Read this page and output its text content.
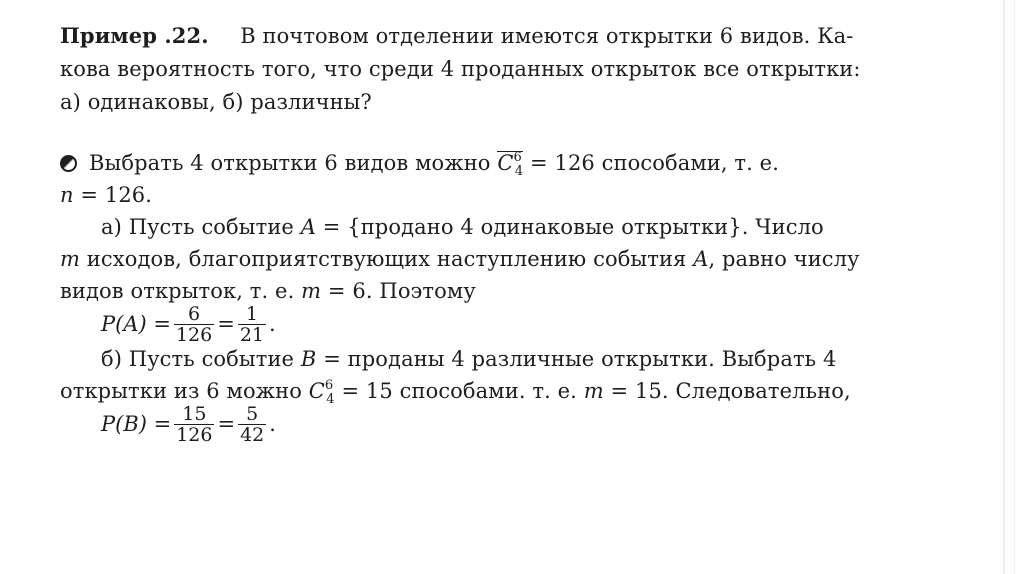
Пример .22. В почтовом отделении имеются открытки 6 видов. Ка-
кова вероятность того, что среди 4 проданных открыток все открытки:
а) одинаковы, б) различны?
Выбрать 4 открытки 6 видов можно $C^6_4 = 126$ способами, т. е.
n = 126.
а) Пусть событие A = {продано 4 одинаковые открытки}. Число
m исходов, благоприятствующих наступлению события A, равно числу
видов открыток, т. е. m = 6. Поэтому
$P(A) = \frac{6}{126} = \frac{1}{21}$ .
б) Пусть событие B = проданы 4 различные открытки. Выбрать 4
открытки из 6 можно $C^6_4 = 15$ способами. т. е. m = 15. Следовательно,
$P(B) = \frac{15}{126} = \frac{5}{42}$ .
